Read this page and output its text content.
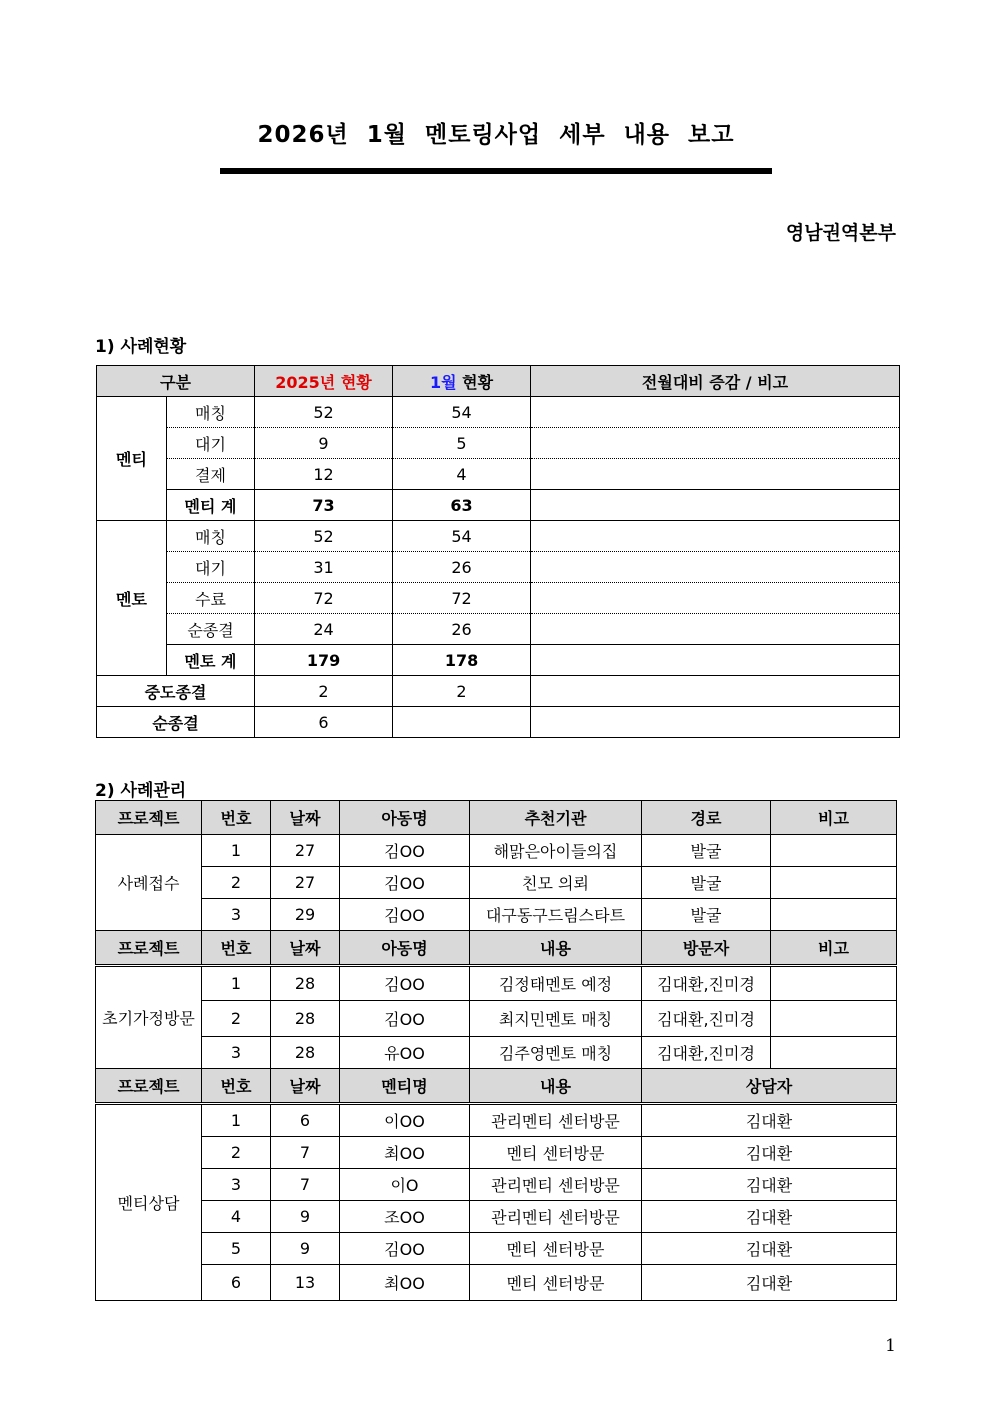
2026년  1월  멘토링사업  세부  내용  보고
영남권역본부
1) 사례현황
구분		2025년 현황	1월 현황	전월대비 증감 / 비고
멘티	매칭	52	54	
	대기	9	5	
	결제	12	4	
	멘티 계	73	63	
멘토	매칭	52	54	
	대기	31	26	
	수료	72	72	
	순종결	24	26	
	멘토 계	179	178	
중도종결		2	2	
순종결		6		
2) 사례관리
프로젝트	번호	날짜	아동명	추천기관	경로	비고
사례접수	1	27	김OO	해맑은아이들의집	발굴	
	2	27	김OO	친모 의뢰	발굴	
	3	29	김OO	대구동구드림스타트	발굴	
프로젝트	번호	날짜	아동명	내용	방문자	비고
초기가정방문	1	28	김OO	김정태멘토 예정	김대환,진미경	
	2	28	김OO	최지민멘토 매칭	김대환,진미경	
	3	28	유OO	김주영멘토 매칭	김대환,진미경	
프로젝트	번호	날짜	멘티명	내용	상담자	
멘티상담	1	6	이OO	관리멘티 센터방문	김대환	
	2	7	최OO	멘티 센터방문	김대환	
	3	7	이O	관리멘티 센터방문	김대환	
	4	9	조OO	관리멘티 센터방문	김대환	
	5	9	김OO	멘티 센터방문	김대환	
	6	13	최OO	멘티 센터방문	김대환	
1
